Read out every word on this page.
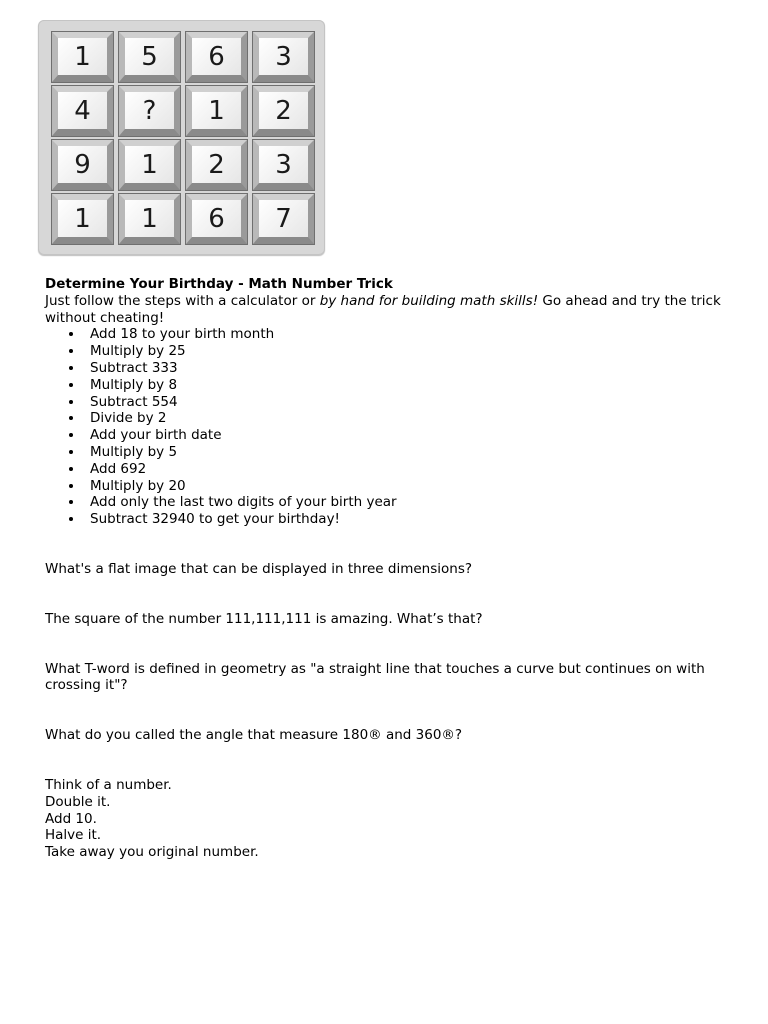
1	5	6	3
4	?	1	2
9	1	2	3
1	1	6	7

Determine Your Birthday - Math Number Trick

Just follow the steps with a calculator or by hand for building math skills! Go ahead and try the trick without cheating!

Add 18 to your birth month
Multiply by 25
Subtract 333
Multiply by 8
Subtract 554
Divide by 2
Add your birth date
Multiply by 5
Add 692
Multiply by 20
Add only the last two digits of your birth year
Subtract 32940 to get your birthday!

What's a flat image that can be displayed in three dimensions?

The square of the number 111,111,111 is amazing. What’s that?

What T-word is defined in geometry as "a straight line that touches a curve but continues on with crossing it"?

What do you called the angle that measure 180® and 360®?

Think of a number.
Double it.
Add 10.
Halve it.
Take away you original number.
